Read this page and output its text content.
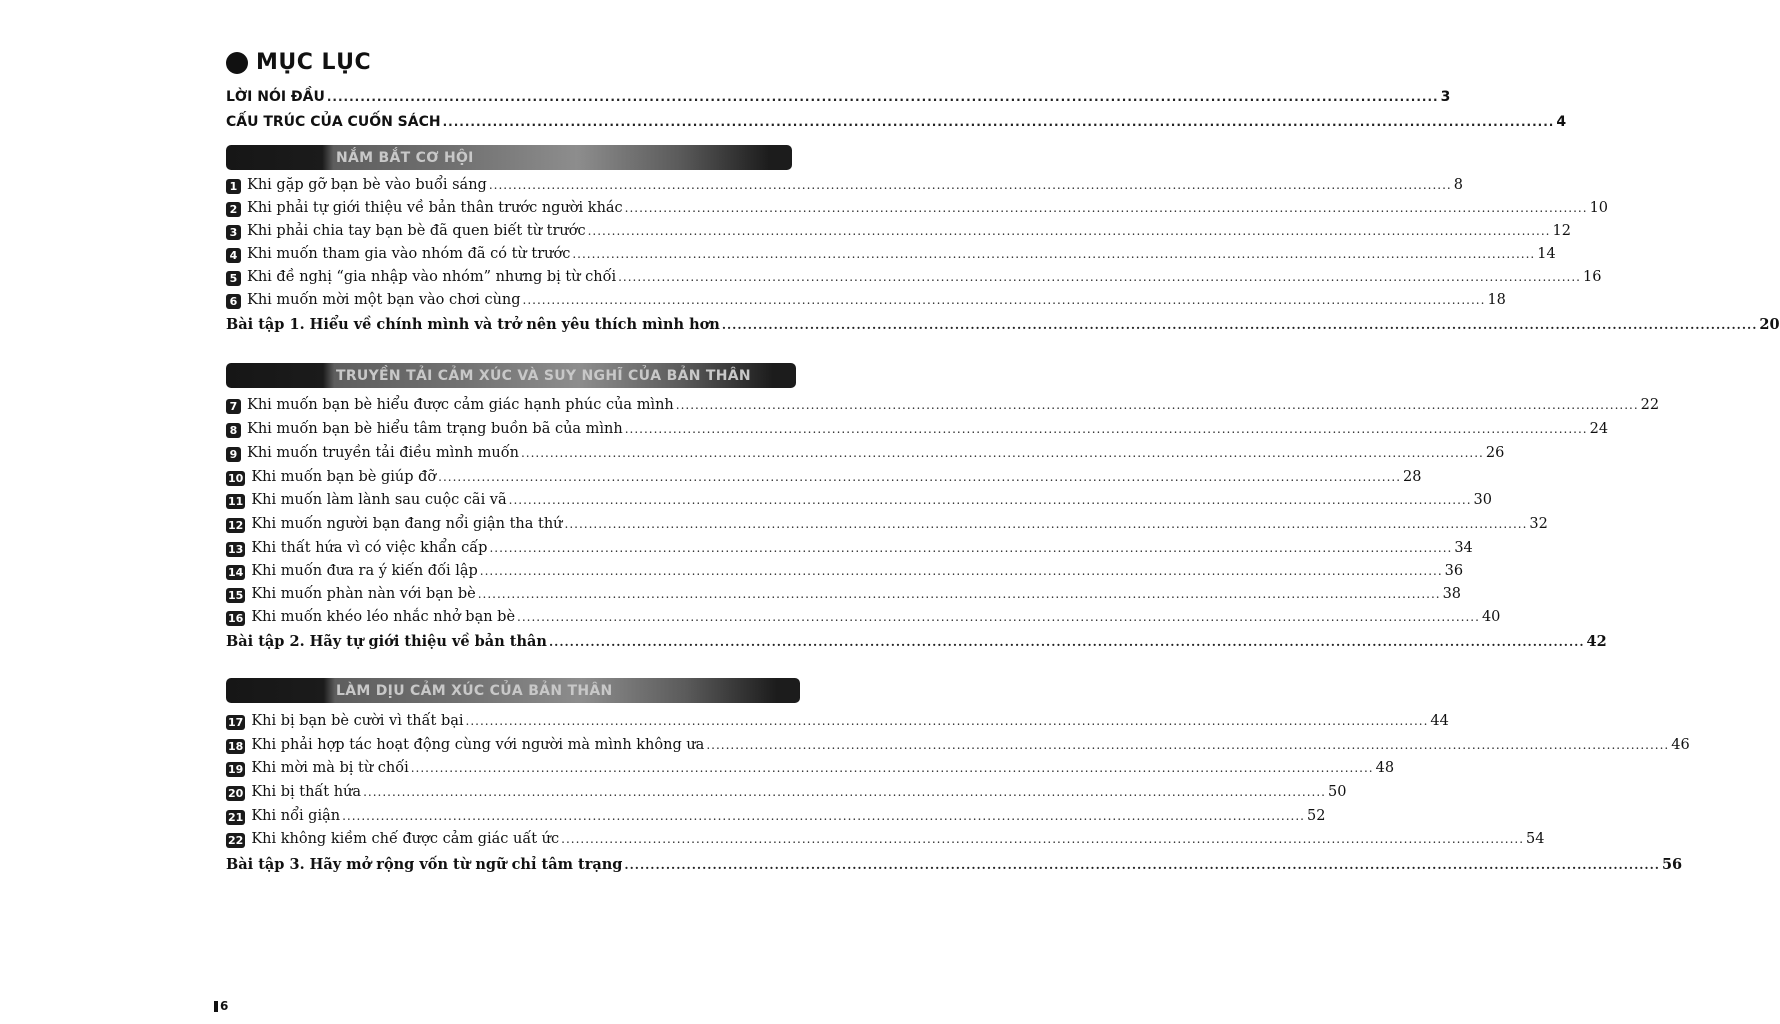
MỤC LỤC
LỜI NÓI ĐẦU ........................................................................................................................................................................................................ 3
CẤU TRÚC CỦA CUỐN SÁCH ........................................................................................................................................................................................................ 4
NẮM BẮT CƠ HỘI
1 Khi gặp gỡ bạn bè vào buổi sáng ........................................................................................................................................................................................................ 8
2 Khi phải tự giới thiệu về bản thân trước người khác ........................................................................................................................................................................................................ 10
3 Khi phải chia tay bạn bè đã quen biết từ trước ........................................................................................................................................................................................................ 12
4 Khi muốn tham gia vào nhóm đã có từ trước ........................................................................................................................................................................................................ 14
5 Khi đề nghị “gia nhập vào nhóm” nhưng bị từ chối ........................................................................................................................................................................................................ 16
6 Khi muốn mời một bạn vào chơi cùng ........................................................................................................................................................................................................ 18
Bài tập 1. Hiểu về chính mình và trở nên yêu thích mình hơn ........................................................................................................................................................................................................ 20
TRUYỀN TẢI CẢM XÚC VÀ SUY NGHĨ CỦA BẢN THÂN
7 Khi muốn bạn bè hiểu được cảm giác hạnh phúc của mình ........................................................................................................................................................................................................ 22
8 Khi muốn bạn bè hiểu tâm trạng buồn bã của mình ........................................................................................................................................................................................................ 24
9 Khi muốn truyền tải điều mình muốn ........................................................................................................................................................................................................ 26
10 Khi muốn bạn bè giúp đỡ ........................................................................................................................................................................................................ 28
11 Khi muốn làm lành sau cuộc cãi vã ........................................................................................................................................................................................................ 30
12 Khi muốn người bạn đang nổi giận tha thứ ........................................................................................................................................................................................................ 32
13 Khi thất hứa vì có việc khẩn cấp ........................................................................................................................................................................................................ 34
14 Khi muốn đưa ra ý kiến đối lập ........................................................................................................................................................................................................ 36
15 Khi muốn phàn nàn với bạn bè ........................................................................................................................................................................................................ 38
16 Khi muốn khéo léo nhắc nhở bạn bè ........................................................................................................................................................................................................ 40
Bài tập 2. Hãy tự giới thiệu về bản thân ........................................................................................................................................................................................................ 42
LÀM DỊU CẢM XÚC CỦA BẢN THÂN
17 Khi bị bạn bè cười vì thất bại ........................................................................................................................................................................................................ 44
18 Khi phải hợp tác hoạt động cùng với người mà mình không ưa ........................................................................................................................................................................................................ 46
19 Khi mời mà bị từ chối ........................................................................................................................................................................................................ 48
20 Khi bị thất hứa ........................................................................................................................................................................................................ 50
21 Khi nổi giận ........................................................................................................................................................................................................ 52
22 Khi không kiềm chế được cảm giác uất ức ........................................................................................................................................................................................................ 54
Bài tập 3. Hãy mở rộng vốn từ ngữ chỉ tâm trạng ........................................................................................................................................................................................................ 56
6
